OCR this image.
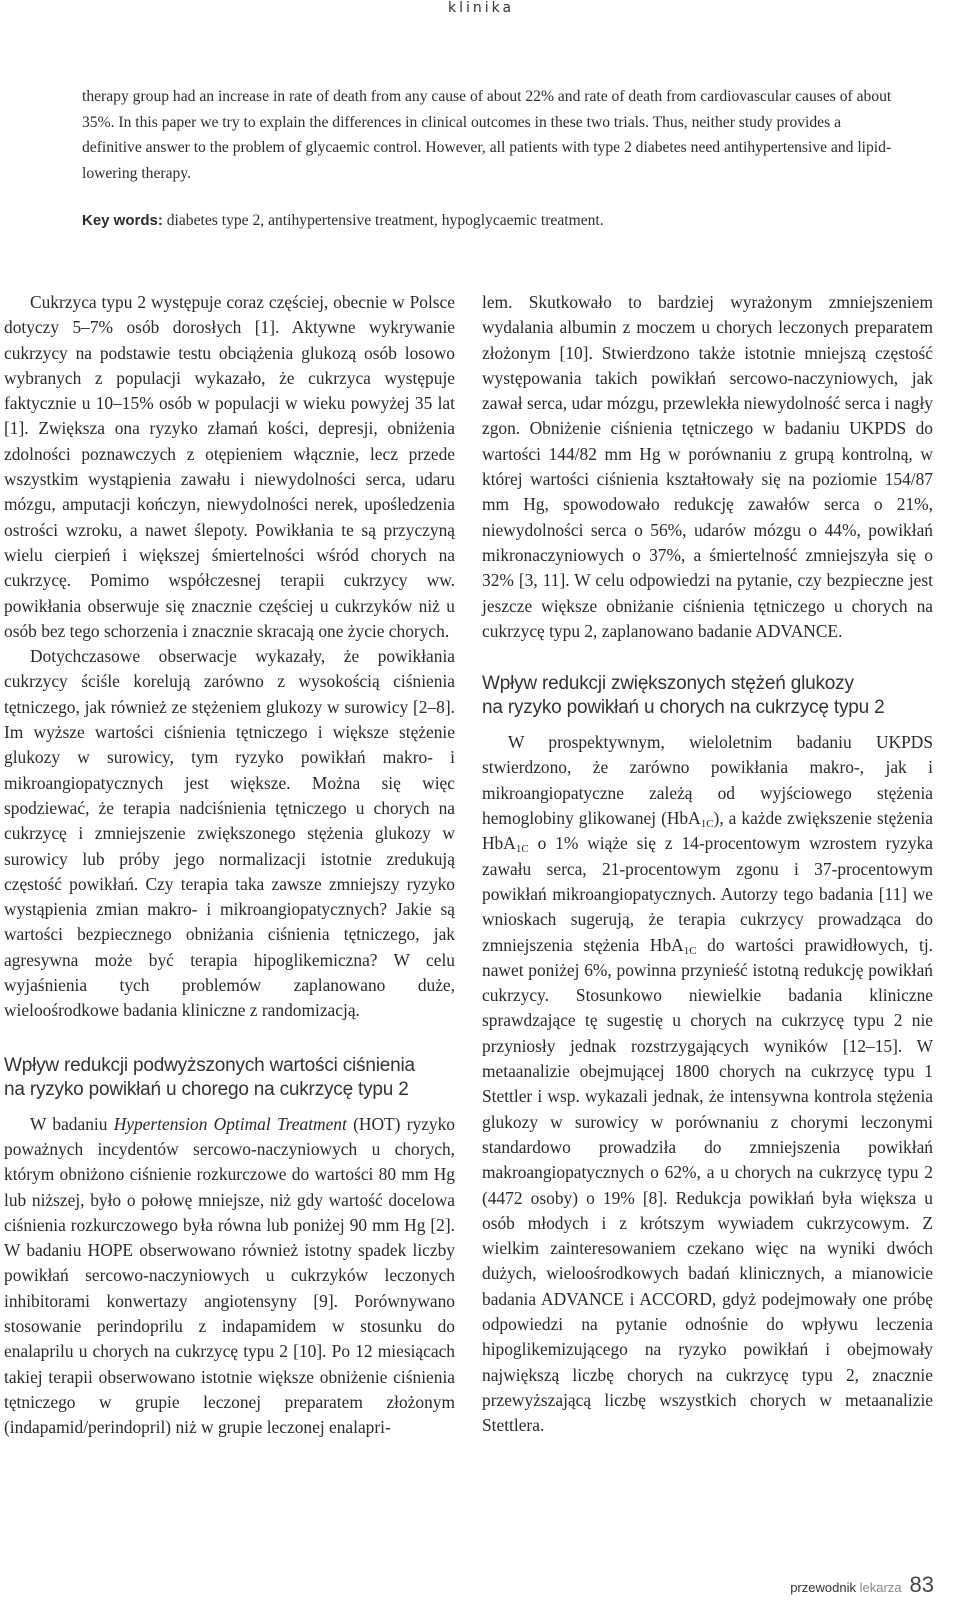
klinika

therapy group had an increase in rate of death from any cause of about 22% and rate of death from cardiovascular causes of about 35%. In this paper we try to explain the differences in clinical outcomes in these two trials. Thus, neither study provides a definitive answer to the problem of glycaemic control. However, all patients with type 2 diabetes need antihypertensive and lipid-lowering therapy.

Key words: diabetes type 2, antihypertensive treatment, hypoglycaemic treatment.

Cukrzyca typu 2 występuje coraz częściej, obecnie w Polsce dotyczy 5–7% osób dorosłych [1]. Aktywne wykrywanie cukrzycy na podstawie testu obciążenia glukozą osób losowo wybranych z populacji wykazało, że cukrzyca występuje faktycznie u 10–15% osób w populacji w wieku powyżej 35 lat [1]. Zwiększa ona ryzyko złamań kości, depresji, obniżenia zdolności poznawczych z otępieniem włącznie, lecz przede wszystkim wystąpienia zawału i niewydolności serca, udaru mózgu, amputacji kończyn, niewydolności nerek, upośledzenia ostrości wzroku, a nawet ślepoty. Powikłania te są przyczyną wielu cierpień i większej śmiertelności wśród chorych na cukrzycę. Pomimo współczesnej terapii cukrzycy ww. powikłania obserwuje się znacznie częściej u cukrzyków niż u osób bez tego schorzenia i znacznie skracają one życie chorych.

Dotychczasowe obserwacje wykazały, że powikłania cukrzycy ściśle korelują zarówno z wysokością ciśnienia tętniczego, jak również ze stężeniem glukozy w surowicy [2–8]. Im wyższe wartości ciśnienia tętniczego i większe stężenie glukozy w surowicy, tym ryzyko powikłań makro- i mikroangiopatycznych jest większe. Można się więc spodziewać, że terapia nadciśnienia tętniczego u chorych na cukrzycę i zmniejszenie zwiększonego stężenia glukozy w surowicy lub próby jego normalizacji istotnie zredukują częstość powikłań. Czy terapia taka zawsze zmniejszy ryzyko wystąpienia zmian makro- i mikroangiopatycznych? Jakie są wartości bezpiecznego obniżania ciśnienia tętniczego, jak agresywna może być terapia hipoglikemiczna? W celu wyjaśnienia tych problemów zaplanowano duże, wieloośrodkowe badania kliniczne z randomizacją.

Wpływ redukcji podwyższonych wartości ciśnienia
na ryzyko powikłań u chorego na cukrzycę typu 2

W badaniu Hypertension Optimal Treatment (HOT) ryzyko poważnych incydentów sercowo-naczyniowych u chorych, którym obniżono ciśnienie rozkurczowe do wartości 80 mm Hg lub niższej, było o połowę mniejsze, niż gdy wartość docelowa ciśnienia rozkurczowego była równa lub poniżej 90 mm Hg [2]. W badaniu HOPE obserwowano również istotny spadek liczby powikłań sercowo-naczyniowych u cukrzyków leczonych inhibitorami konwertazy angiotensyny [9]. Porównywano stosowanie perindoprilu z indapamidem w stosunku do enalaprilu u chorych na cukrzycę typu 2 [10]. Po 12 miesiącach takiej terapii obserwowano istotnie większe obniżenie ciśnienia tętniczego w grupie leczonej preparatem złożonym (indapamid/perindopril) niż w grupie leczonej enalapri-

lem. Skutkowało to bardziej wyrażonym zmniejszeniem wydalania albumin z moczem u chorych leczonych preparatem złożonym [10]. Stwierdzono także istotnie mniejszą częstość występowania takich powikłań sercowo-naczyniowych, jak zawał serca, udar mózgu, przewlekła niewydolność serca i nagły zgon. Obniżenie ciśnienia tętniczego w badaniu UKPDS do wartości 144/82 mm Hg w porównaniu z grupą kontrolną, w której wartości ciśnienia kształtowały się na poziomie 154/87 mm Hg, spowodowało redukcję zawałów serca o 21%, niewydolności serca o 56%, udarów mózgu o 44%, powikłań mikronaczyniowych o 37%, a śmiertelność zmniejszyła się o 32% [3, 11]. W celu odpowiedzi na pytanie, czy bezpieczne jest jeszcze większe obniżanie ciśnienia tętniczego u chorych na cukrzycę typu 2, zaplanowano badanie ADVANCE.

Wpływ redukcji zwiększonych stężeń glukozy
na ryzyko powikłań u chorych na cukrzycę typu 2

W prospektywnym, wieloletnim badaniu UKPDS stwierdzono, że zarówno powikłania makro-, jak i mikroangiopatyczne zależą od wyjściowego stężenia hemoglobiny glikowanej (HbA$_{1C}$), a każde zwiększenie stężenia HbA$_{1C}$ o 1% wiąże się z 14-procentowym wzrostem ryzyka zawału serca, 21-procentowym zgonu i 37-procentowym powikłań mikroangiopatycznych. Autorzy tego badania [11] we wnioskach sugerują, że terapia cukrzycy prowadząca do zmniejszenia stężenia HbA$_{1C}$ do wartości prawidłowych, tj. nawet poniżej 6%, powinna przynieść istotną redukcję powikłań cukrzycy. Stosunkowo niewielkie badania kliniczne sprawdzające tę sugestię u chorych na cukrzycę typu 2 nie przyniosły jednak rozstrzygających wyników [12–15]. W metaanalizie obejmującej 1800 chorych na cukrzycę typu 1 Stettler i wsp. wykazali jednak, że intensywna kontrola stężenia glukozy w surowicy w porównaniu z chorymi leczonymi standardowo prowadziła do zmniejszenia powikłań makroangiopatycznych o 62%, a u chorych na cukrzycę typu 2 (4472 osoby) o 19% [8]. Redukcja powikłań była większa u osób młodych i z krótszym wywiadem cukrzycowym. Z wielkim zainteresowaniem czekano więc na wyniki dwóch dużych, wieloośrodkowych badań klinicznych, a mianowicie badania ADVANCE i ACCORD, gdyż podejmowały one próbę odpowiedzi na pytanie odnośnie do wpływu leczenia hipoglikemizującego na ryzyko powikłań i obejmowały największą liczbę chorych na cukrzycę typu 2, znacznie przewyższającą liczbę wszystkich chorych w metaanalizie Stettlera.

przewodnik lekarza 83
